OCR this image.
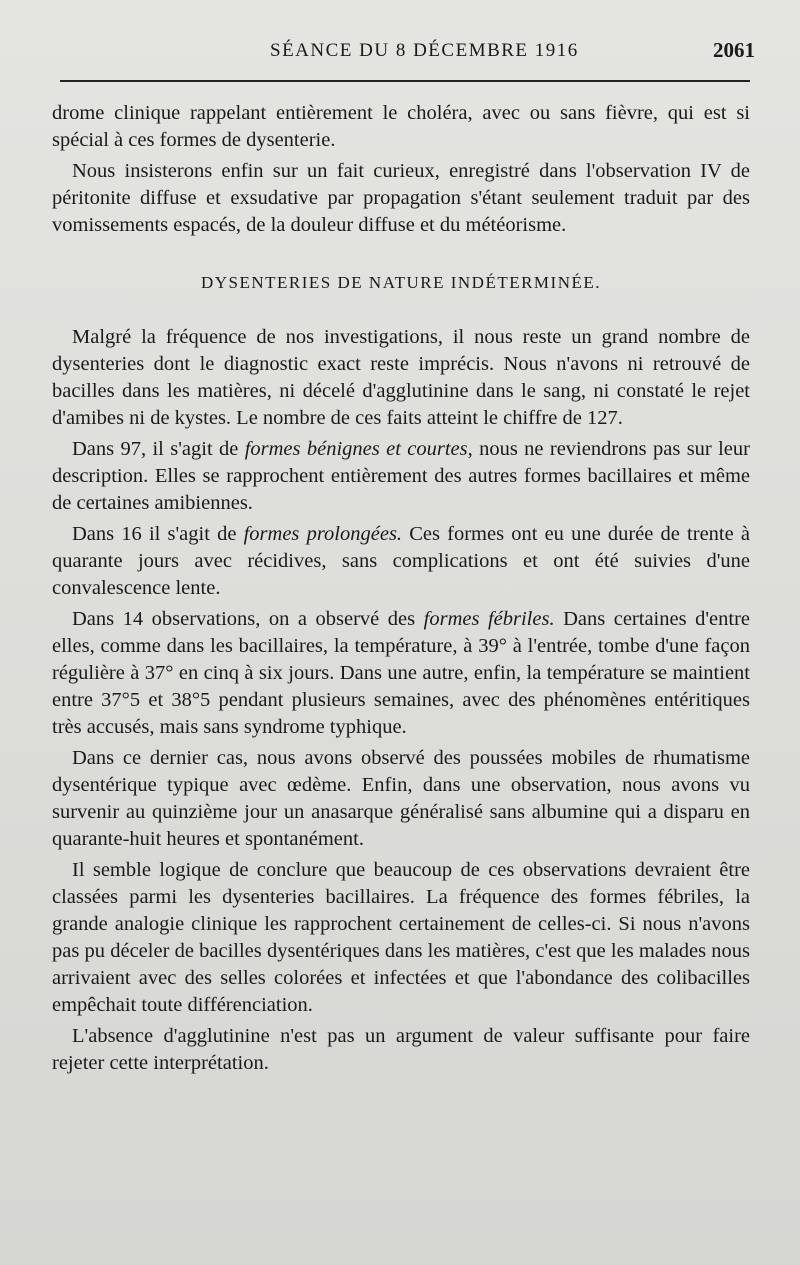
SÉANCE DU 8 DÉCEMBRE 1916	2061

drome clinique rappelant entièrement le choléra, avec ou sans fièvre, qui est si spécial à ces formes de dysenterie.

Nous insisterons enfin sur un fait curieux, enregistré dans l'observation IV de péritonite diffuse et exsudative par propagation s'étant seulement traduit par des vomissements espacés, de la douleur diffuse et du météorisme.

DYSENTERIES DE NATURE INDÉTERMINÉE.

Malgré la fréquence de nos investigations, il nous reste un grand nombre de dysenteries dont le diagnostic exact reste imprécis. Nous n'avons ni retrouvé de bacilles dans les matières, ni décelé d'agglutinine dans le sang, ni constaté le rejet d'amibes ni de kystes. Le nombre de ces faits atteint le chiffre de 127.

Dans 97, il s'agit de formes bénignes et courtes, nous ne reviendrons pas sur leur description. Elles se rapprochent entièrement des autres formes bacillaires et même de certaines amibiennes.

Dans 16 il s'agit de formes prolongées. Ces formes ont eu une durée de trente à quarante jours avec récidives, sans complications et ont été suivies d'une convalescence lente.

Dans 14 observations, on a observé des formes fébriles. Dans certaines d'entre elles, comme dans les bacillaires, la température, à 39° à l'entrée, tombe d'une façon régulière à 37° en cinq à six jours. Dans une autre, enfin, la température se maintient entre 37°5 et 38°5 pendant plusieurs semaines, avec des phénomènes entéritiques très accusés, mais sans syndrome typhique.

Dans ce dernier cas, nous avons observé des poussées mobiles de rhumatisme dysentérique typique avec œdème. Enfin, dans une observation, nous avons vu survenir au quinzième jour un anasarque généralisé sans albumine qui a disparu en quarante-huit heures et spontanément.

Il semble logique de conclure que beaucoup de ces observations devraient être classées parmi les dysenteries bacillaires. La fréquence des formes fébriles, la grande analogie clinique les rapprochent certainement de celles-ci. Si nous n'avons pas pu déceler de bacilles dysentériques dans les matières, c'est que les malades nous arrivaient avec des selles colorées et infectées et que l'abondance des colibacilles empêchait toute différenciation.

L'absence d'agglutinine n'est pas un argument de valeur suffisante pour faire rejeter cette interprétation.
